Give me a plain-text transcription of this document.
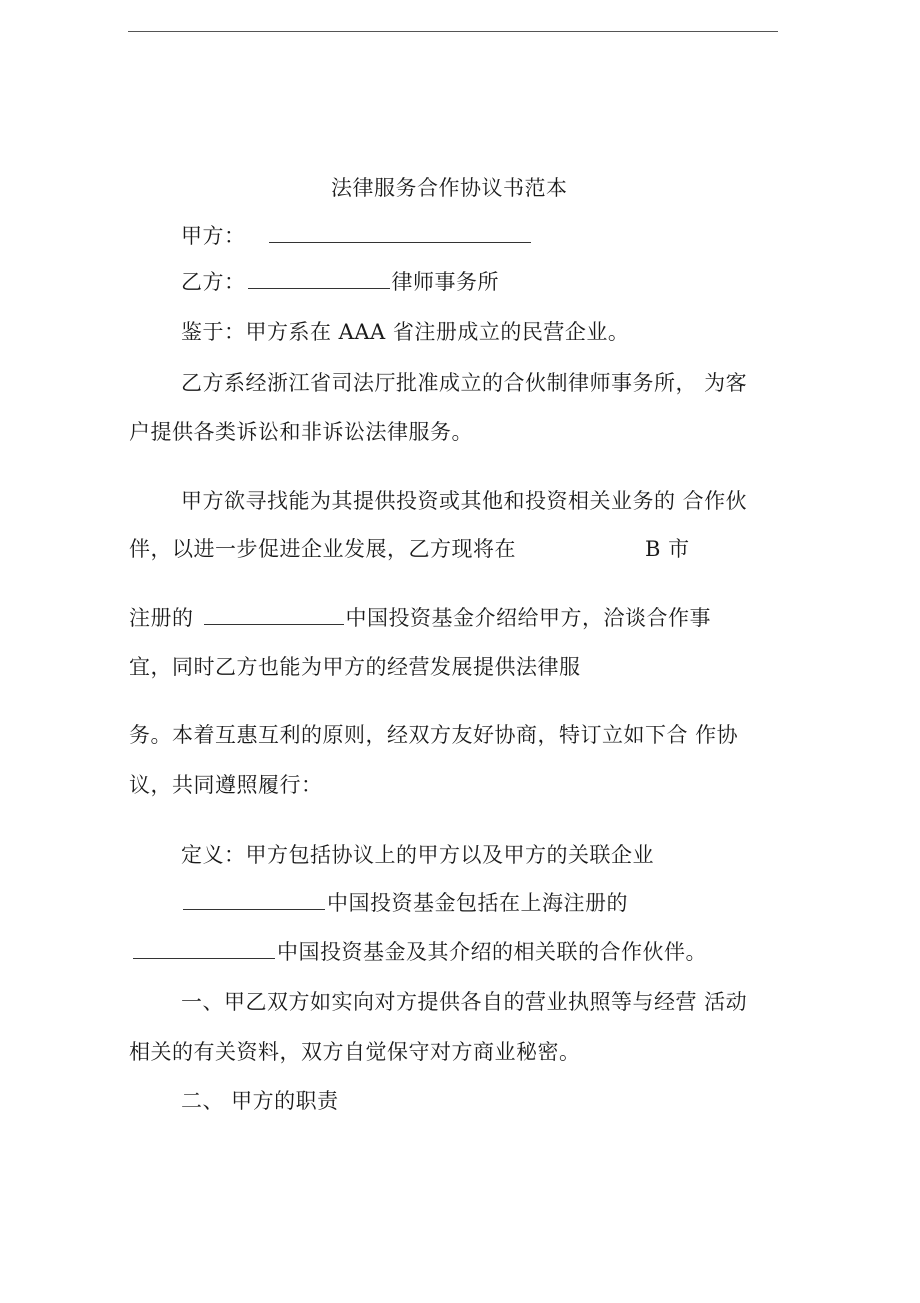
法律服务合作协议书范本
甲方：
乙方：	律师事务所
鉴于：甲方系在 AAA 省注册成立的民营企业。
乙方系经浙江省司法厅批准成立的合伙制律师事务所， 为客
户提供各类诉讼和非诉讼法律服务。
甲方欲寻找能为其提供投资或其他和投资相关业务的 合作伙
伴，以进一步促进企业发展，乙方现将在	B 市
注册的	中国投资基金介绍给甲方，洽谈合作事
宜，同时乙方也能为甲方的经营发展提供法律服
务。本着互惠互利的原则，经双方友好协商，特订立如下合 作协
议，共同遵照履行：
定义：甲方包括协议上的甲方以及甲方的关联企业
中国投资基金包括在上海注册的
中国投资基金及其介绍的相关联的合作伙伴。
一、甲乙双方如实向对方提供各自的营业执照等与经营 活动
相关的有关资料，双方自觉保守对方商业秘密。
二、 甲方的职责
